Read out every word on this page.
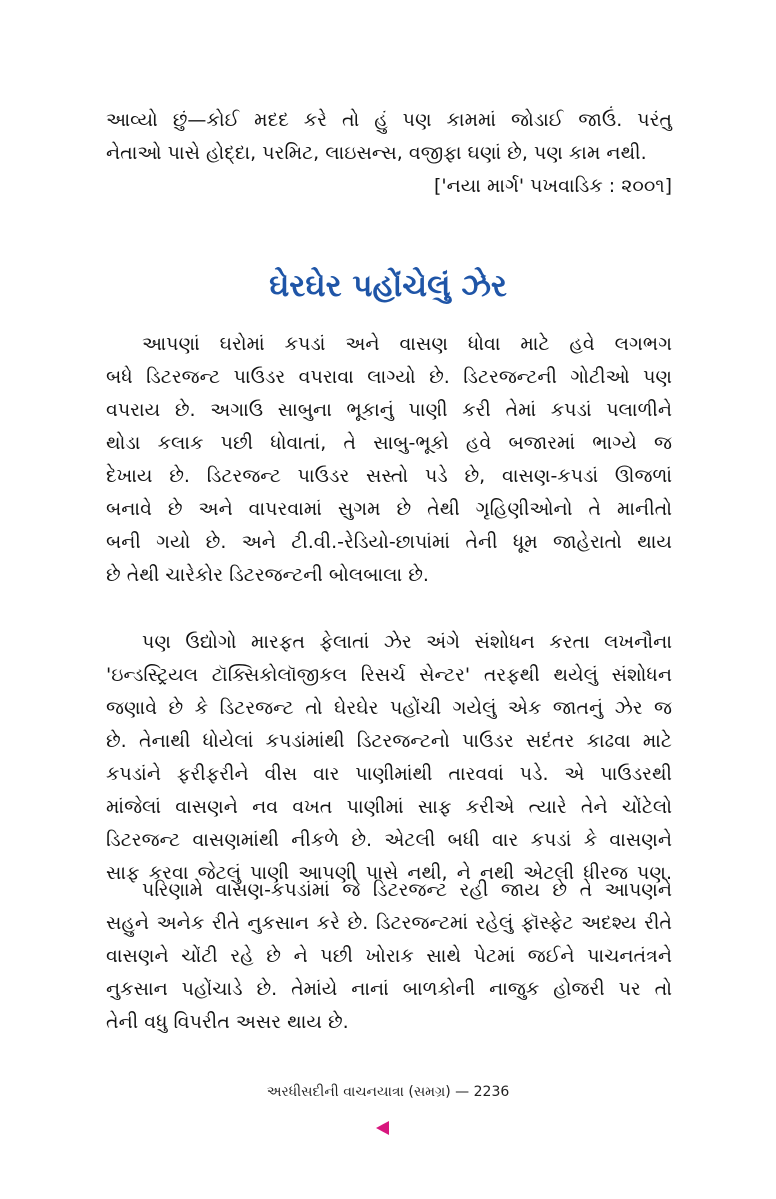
આવ્યો છું—કોઈ મદદ કરે તો હું પણ કામમાં જોડાઈ જાઉં. પરંતુ
નેતાઓ પાસે હોદ્દા, પરમિટ, લાઇસન્સ, વજીફા ઘણાં છે, પણ કામ નથી.
['નયા માર્ગ' પખવાડિક : ૨૦૦૧]
ઘેરઘેર પહોંચેલું ઝેર
આપણાં ઘરોમાં કપડાં અને વાસણ ધોવા માટે હવે લગભગ
બધે ડિટરજન્ટ પાઉડર વપરાવા લાગ્યો છે. ડિટરજન્ટની ગોટીઓ પણ
વપરાય છે. અગાઉ સાબુના ભૂકાનું પાણી કરી તેમાં કપડાં પલાળીને
થોડા કલાક પછી ધોવાતાં, તે સાબુ-ભૂકો હવે બજારમાં ભાગ્યે જ
દેખાય છે. ડિટરજન્ટ પાઉડર સસ્તો પડે છે, વાસણ-કપડાં ઊજળાં
બનાવે છે અને વાપરવામાં સુગમ છે તેથી ગૃહિણીઓનો તે માનીતો
બની ગયો છે. અને ટી.વી.-રેડિયો-છાપાંમાં તેની ધૂમ જાહેરાતો થાય
છે તેથી ચારેકોર ડિટરજન્ટની બોલબાલા છે.
પણ ઉદ્યોગો મારફત ફેલાતાં ઝેર અંગે સંશોધન કરતા લખનૌના
'ઇન્ડસ્ટ્રિયલ ટૉક્સિકોલૉજીકલ રિસર્ચ સેન્ટર' તરફથી થયેલું સંશોધન
જણાવે છે કે ડિટરજન્ટ તો ઘેરઘેર પહોંચી ગયેલું એક જાતનું ઝેર જ
છે. તેનાથી ધોયેલાં કપડાંમાંથી ડિટરજન્ટનો પાઉડર સદંતર કાઢવા માટે
કપડાંને ફરીફરીને વીસ વાર પાણીમાંથી તારવવાં પડે. એ પાઉડરથી
માંજેલાં વાસણને નવ વખત પાણીમાં સાફ કરીએ ત્યારે તેને ચોંટેલો
ડિટરજન્ટ વાસણમાંથી નીકળે છે. એટલી બધી વાર કપડાં કે વાસણને
સાફ કરવા જેટલું પાણી આપણી પાસે નથી, ને નથી એટલી ધીરજ પણ.
પરિણામે વાસણ-કપડાંમાં જે ડિટરજન્ટ રહી જાય છે તે આપણને
સહુને અનેક રીતે નુકસાન કરે છે. ડિટરજન્ટમાં રહેલું ફૉસ્ફેટ અદશ્ય રીતે
વાસણને ચોંટી રહે છે ને પછી ખોરાક સાથે પેટમાં જઈને પાચનતંત્રને
નુકસાન પહોંચાડે છે. તેમાંયે નાનાં બાળકોની નાજુક હોજરી પર તો
તેની વધુ વિપરીત અસર થાય છે.
અરધીસદીની વાચનયાત્રા (સમગ્ર) — 2236
